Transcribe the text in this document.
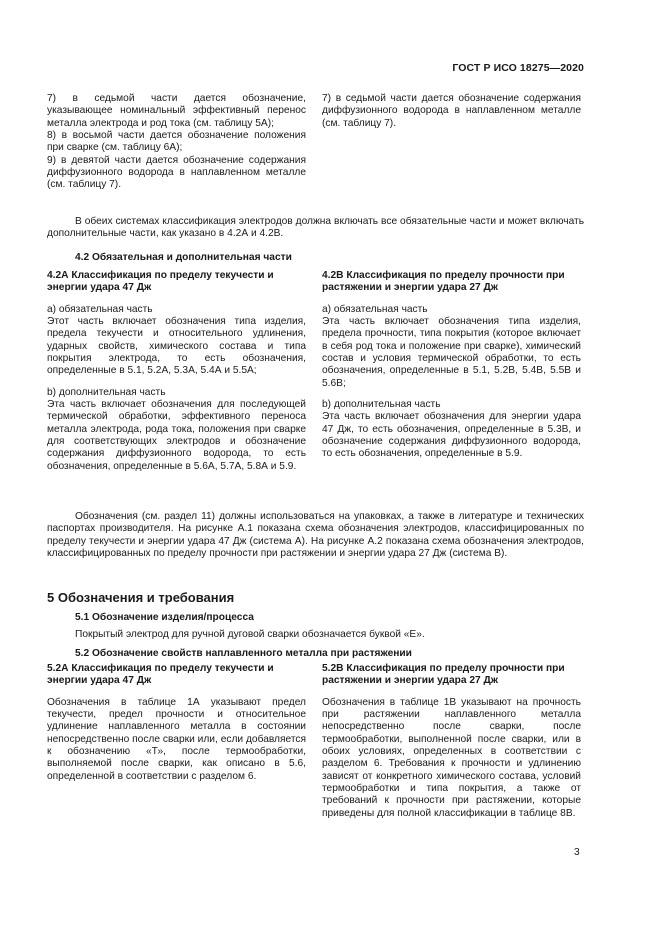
ГОСТ Р ИСО 18275—2020

7) в седьмой части дается обозначение, указывающее номинальный эффективный перенос металла электрода и род тока (см. таблицу 5А);

8) в восьмой части дается обозначение положения при сварке (см. таблицу 6А);

9) в девятой части дается обозначение содержания диффузионного водорода в наплавленном металле (см. таблицу 7).

7) в седьмой части дается обозначение содержания диффузионного водорода в наплавленном металле (см. таблицу 7).

В обеих системах классификация электродов должна включать все обязательные части и может включать дополнительные части, как указано в 4.2А и 4.2В.

4.2 Обязательная и дополнительная части

4.2А Классификация по пределу текучести и энергии удара 47 Дж

а) обязательная часть

Этот часть включает обозначения типа изделия, предела текучести и относительного удлинения, ударных свойств, химического состава и типа покрытия электрода, то есть обозначения, определенные в 5.1, 5.2А, 5.3А, 5.4А и 5.5А;

b) дополнительная часть

Эта часть включает обозначения для последующей термической обработки, эффективного переноса металла электрода, рода тока, положения при сварке для соответствующих электродов и обозначение содержания диффузионного водорода, то есть обозначения, определенные в 5.6А, 5.7А, 5.8А и 5.9.

4.2В Классификация по пределу прочности при растяжении и энергии удара 27 Дж

а) обязательная часть

Эта часть включает обозначения типа изделия, предела прочности, типа покрытия (которое включает в себя род тока и положение при сварке), химический состав и условия термической обработки, то есть обозначения, определенные в 5.1, 5.2В, 5.4В, 5.5В и 5.6В;

b) дополнительная часть

Эта часть включает обозначения для энергии удара 47 Дж, то есть обозначения, определенные в 5.3В, и обозначение содержания диффузионного водорода, то есть обозначения, определенные в 5.9.

Обозначения (см. раздел 11) должны использоваться на упаковках, а также в литературе и технических паспортах производителя. На рисунке А.1 показана схема обозначения электродов, классифицированных по пределу текучести и энергии удара 47 Дж (система А). На рисунке А.2 показана схема обозначения электродов, классифицированных по пределу прочности при растяжении и энергии удара 27 Дж (система В).

5 Обозначения и требования

5.1 Обозначение изделия/процесса

Покрытый электрод для ручной дуговой сварки обозначается буквой «Е».

5.2 Обозначение свойств наплавленного металла при растяжении

5.2А Классификация по пределу текучести и энергии удара 47 Дж

Обозначения в таблице 1А указывают предел текучести, предел прочности и относительное удлинение наплавленного металла в состоянии непосредственно после сварки или, если добавляется к обозначению «Т», после термообработки, выполняемой после сварки, как описано в 5.6, определенной в соответствии с разделом 6.

5.2В Классификация по пределу прочности при растяжении и энергии удара 27 Дж

Обозначения в таблице 1В указывают на прочность при растяжении наплавленного металла непосредственно после сварки, после термообработки, выполненной после сварки, или в обоих условиях, определенных в соответствии с разделом 6. Требования к прочности и удлинению зависят от конкретного химического состава, условий термообработки и типа покрытия, а также от требований к прочности при растяжении, которые приведены для полной классификации в таблице 8В.

3
